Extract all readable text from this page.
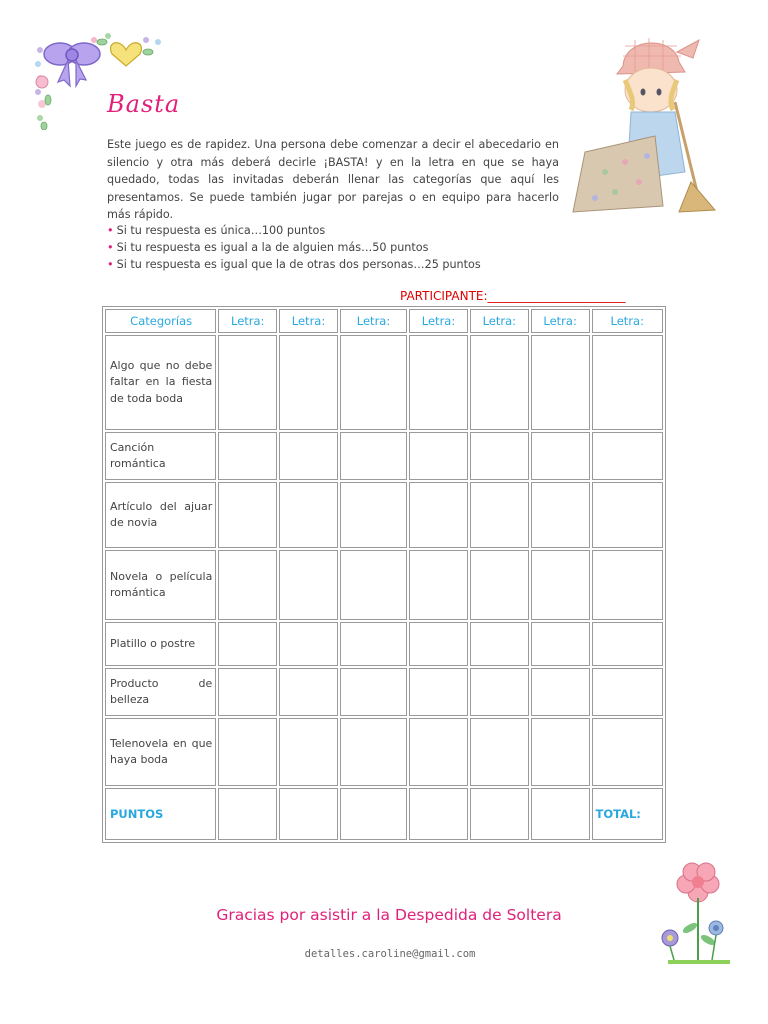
Basta
Este juego es de rapidez. Una persona debe comenzar a decir el abecedario en silencio y otra más deberá decirle ¡BASTA! y en la letra en que se haya quedado, todas las invitadas deberán llenar las categorías que aquí les presentamos. Se puede también jugar por parejas o en equipo para hacerlo más rápido.
• Si tu respuesta es única…100 puntos
• Si tu respuesta es igual a la de alguien más…50 puntos
• Si tu respuesta es igual que la de otras dos personas…25 puntos
PARTICIPANTE:_______________________
Categorías	Letra:	Letra:	Letra:	Letra:	Letra:	Letra:	Letra:
Algo que no debe faltar en la fiesta de toda boda							
Canción romántica							
Artículo del ajuar de novia							
Novela o película romántica							
Platillo o postre							
Producto de belleza							
Telenovela en que haya boda							
PUNTOS							TOTAL:
Gracias por asistir a la Despedida de Soltera
detalles.caroline@gmail.com
